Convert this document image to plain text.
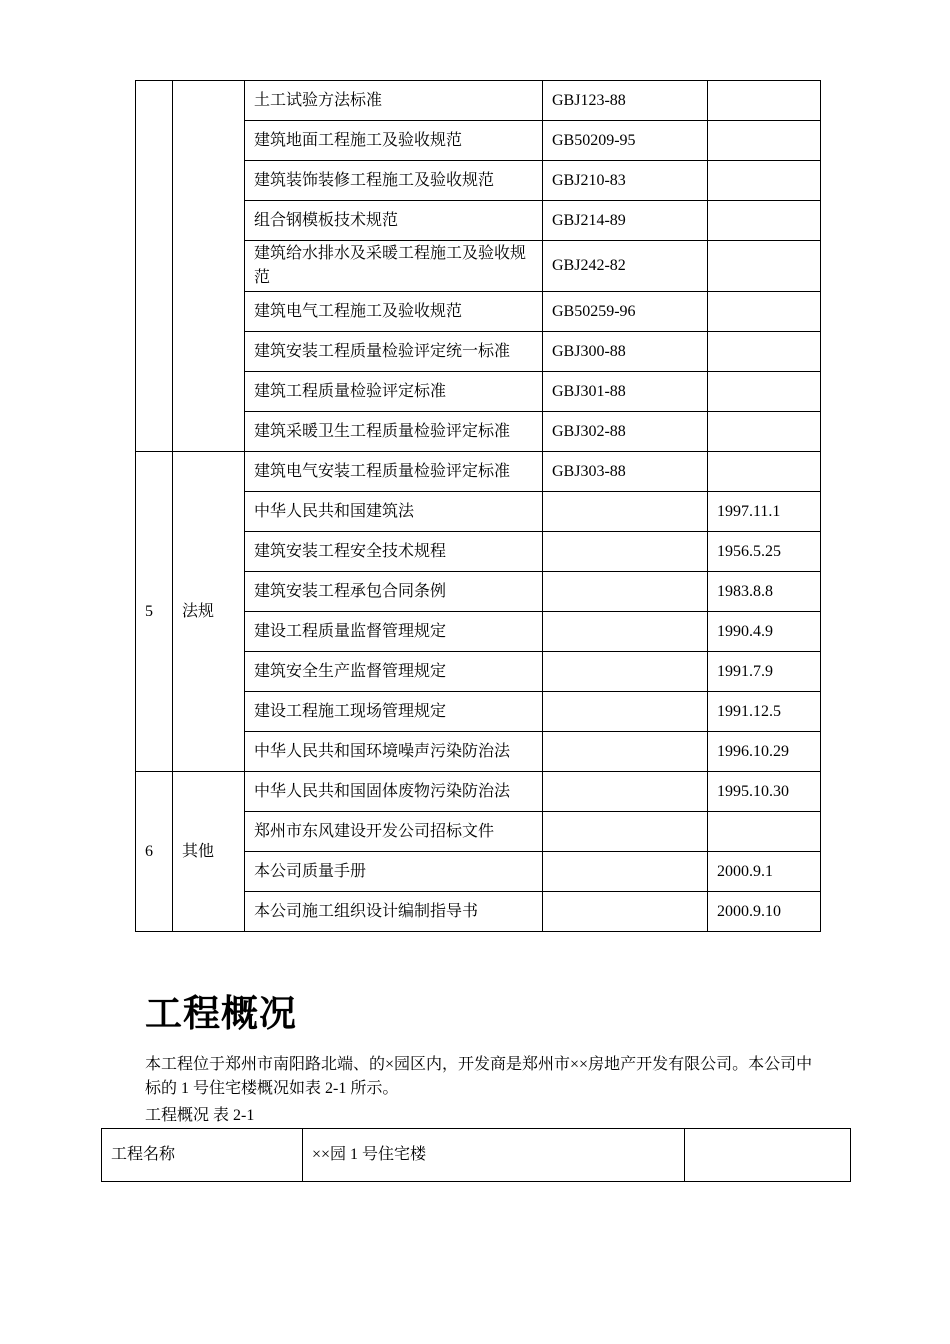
		土工试验方法标准	GBJ123-88	
		建筑地面工程施工及验收规范	GB50209-95	
		建筑装饰装修工程施工及验收规范	GBJ210-83	
		组合钢模板技术规范	GBJ214-89	
		建筑给水排水及采暖工程施工及验收规范	GBJ242-82	
		建筑电气工程施工及验收规范	GB50259-96	
		建筑安装工程质量检验评定统一标准	GBJ300-88	
		建筑工程质量检验评定标准	GBJ301-88	
		建筑采暖卫生工程质量检验评定标准	GBJ302-88	
5	法规	建筑电气安装工程质量检验评定标准	GBJ303-88	
		中华人民共和国建筑法		1997.11.1
		建筑安装工程安全技术规程		1956.5.25
		建筑安装工程承包合同条例		1983.8.8
		建设工程质量监督管理规定		1990.4.9
		建筑安全生产监督管理规定		1991.7.9
		建设工程施工现场管理规定		1991.12.5
		中华人民共和国环境噪声污染防治法		1996.10.29
6	其他	中华人民共和国固体废物污染防治法		1995.10.30
		郑州市东风建设开发公司招标文件		
		本公司质量手册		2000.9.1
		本公司施工组织设计编制指导书		2000.9.10
工程概况

本工程位于郑州市南阳路北端、的×园区内，开发商是郑州市××房地产开发有限公司。本公司中标的 1 号住宅楼概况如表 2-1 所示。

工程概况 表 2-1

工程名称	××园 1 号住宅楼	
